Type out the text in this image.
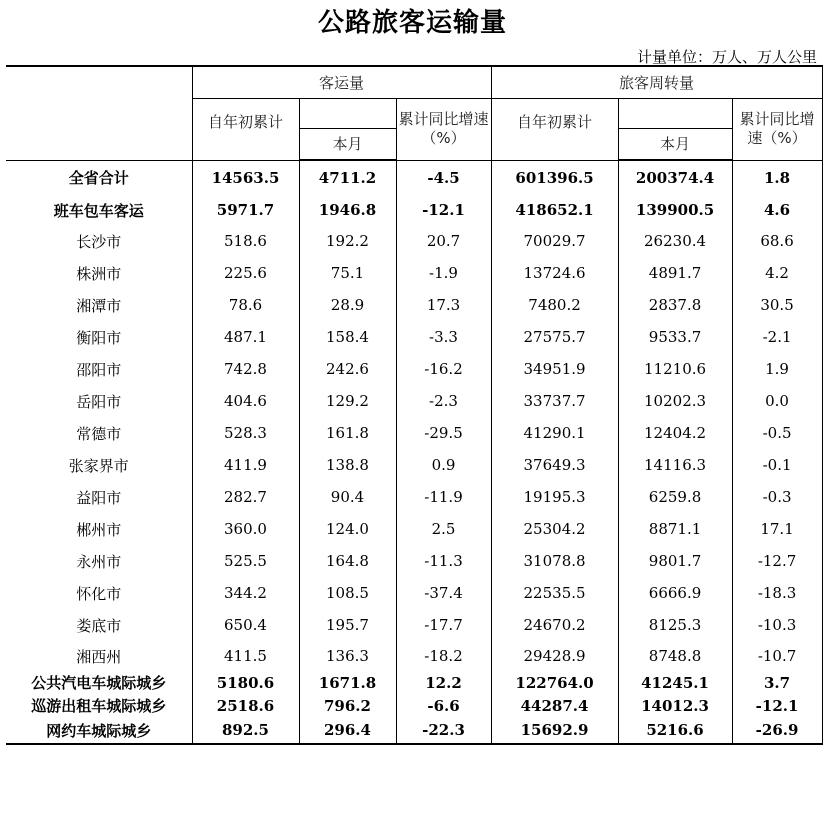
公路旅客运输量
计量单位：万人、万人公里
	客运量			旅客周转量		
	自年初累计		累计同比增速（%）	自年初累计		累计同比增速（%）
		本月			本月	
全省合计	14563.5	4711.2	-4.5	601396.5	200374.4	1.8
班车包车客运	5971.7	1946.8	-12.1	418652.1	139900.5	4.6
长沙市	518.6	192.2	20.7	70029.7	26230.4	68.6
株洲市	225.6	75.1	-1.9	13724.6	4891.7	4.2
湘潭市	78.6	28.9	17.3	7480.2	2837.8	30.5
衡阳市	487.1	158.4	-3.3	27575.7	9533.7	-2.1
邵阳市	742.8	242.6	-16.2	34951.9	11210.6	1.9
岳阳市	404.6	129.2	-2.3	33737.7	10202.3	0.0
常德市	528.3	161.8	-29.5	41290.1	12404.2	-0.5
张家界市	411.9	138.8	0.9	37649.3	14116.3	-0.1
益阳市	282.7	90.4	-11.9	19195.3	6259.8	-0.3
郴州市	360.0	124.0	2.5	25304.2	8871.1	17.1
永州市	525.5	164.8	-11.3	31078.8	9801.7	-12.7
怀化市	344.2	108.5	-37.4	22535.5	6666.9	-18.3
娄底市	650.4	195.7	-17.7	24670.2	8125.3	-10.3
湘西州	411.5	136.3	-18.2	29428.9	8748.8	-10.7
公共汽电车城际城乡	5180.6	1671.8	12.2	122764.0	41245.1	3.7
巡游出租车城际城乡	2518.6	796.2	-6.6	44287.4	14012.3	-12.1
网约车城际城乡	892.5	296.4	-22.3	15692.9	5216.6	-26.9
